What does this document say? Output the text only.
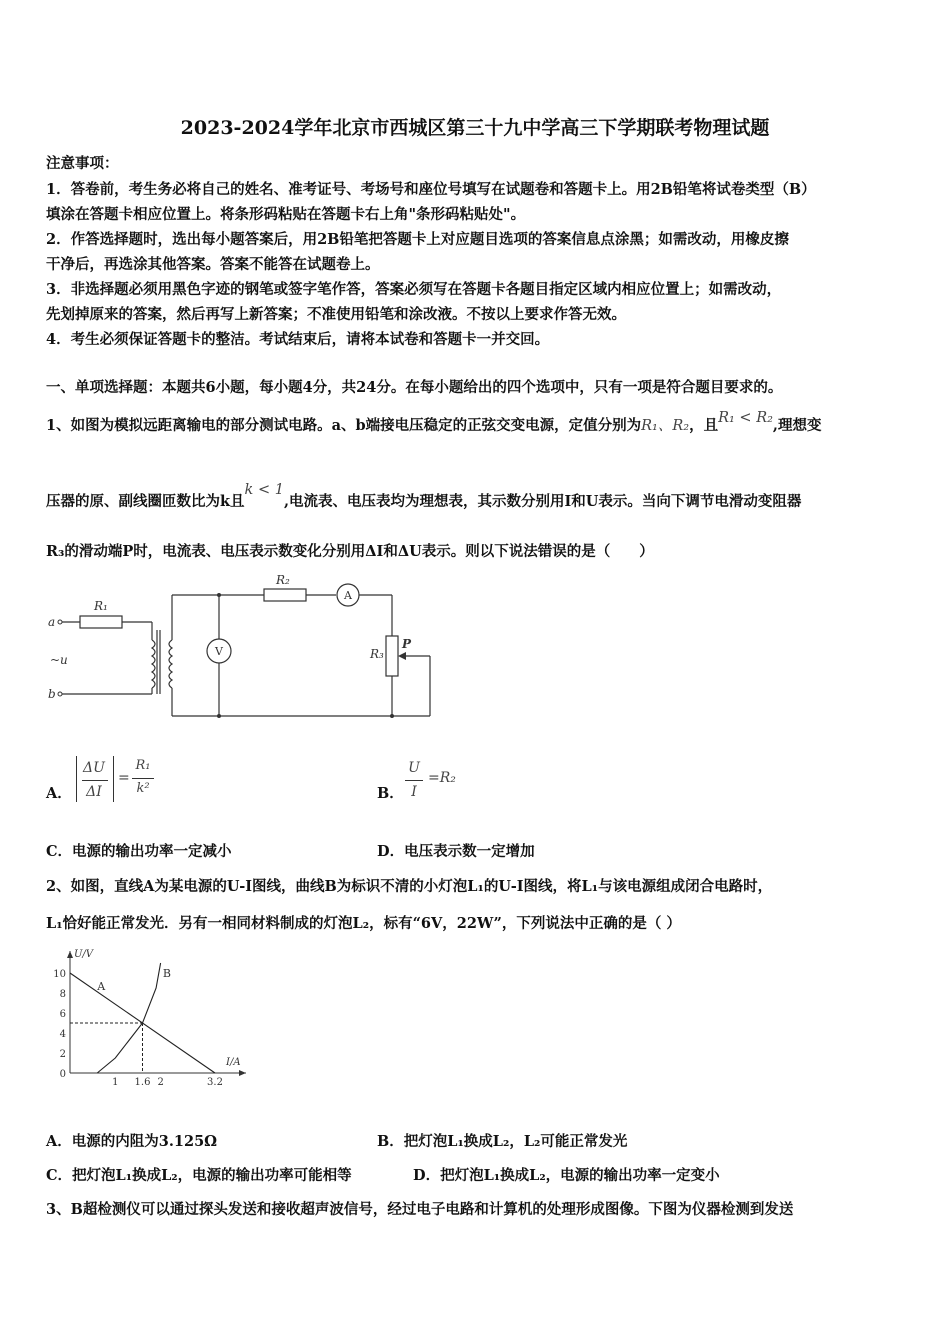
2023-2024学年北京市西城区第三十九中学高三下学期联考物理试题
注意事项：
1．答卷前，考生务必将自己的姓名、准考证号、考场号和座位号填写在试题卷和答题卡上。用2B铅笔将试卷类型（B）
填涂在答题卡相应位置上。将条形码粘贴在答题卡右上角"条形码粘贴处"。
2．作答选择题时，选出每小题答案后，用2B铅笔把答题卡上对应题目选项的答案信息点涂黑；如需改动，用橡皮擦
干净后，再选涂其他答案。答案不能答在试题卷上。
3．非选择题必须用黑色字迹的钢笔或签字笔作答，答案必须写在答题卡各题目指定区域内相应位置上；如需改动，
先划掉原来的答案，然后再写上新答案；不准使用铅笔和涂改液。不按以上要求作答无效。
4．考生必须保证答题卡的整洁。考试结束后，请将本试卷和答题卡一并交回。
一、单项选择题：本题共6小题，每小题4分，共24分。在每小题给出的四个选项中，只有一项是符合题目要求的。
1、如图为模拟远距离输电的部分测试电路。a、b端接电压稳定的正弦交变电源，定值分别为R₁、R₂，且R₁ < R₂,理想变
压器的原、副线圈匝数比为k且k < 1,电流表、电压表均为理想表，其示数分别用I和U表示。当向下调节电滑动变阻器
R₃的滑动端P时，电流表、电压表示数变化分别用ΔI和ΔU表示。则以下说法错误的是（　　）
a
b
~u
R₁
R₂
R₃
P
A
V
A．
ΔU
ΔI
=
R₁
k²	B．
U
I
=R₂
C．电源的输出功率一定减小	D．电压表示数一定增加
2、如图，直线A为某电源的U-I图线，曲线B为标识不清的小灯泡L₁的U-I图线，将L₁与该电源组成闭合电路时，
L₁恰好能正常发光．另有一相同材料制成的灯泡L₂，标有“6V，22W”，下列说法中正确的是（ ）
U/V
I/A
A
B
10
8
6
4
2
0
1 1.6 2	3.2
A．电源的内阻为3.125Ω	B．把灯泡L₁换成L₂，L₂可能正常发光
C．把灯泡L₁换成L₂，电源的输出功率可能相等	D．把灯泡L₁换成L₂，电源的输出功率一定变小
3、B超检测仪可以通过探头发送和接收超声波信号，经过电子电路和计算机的处理形成图像。下图为仪器检测到发送
